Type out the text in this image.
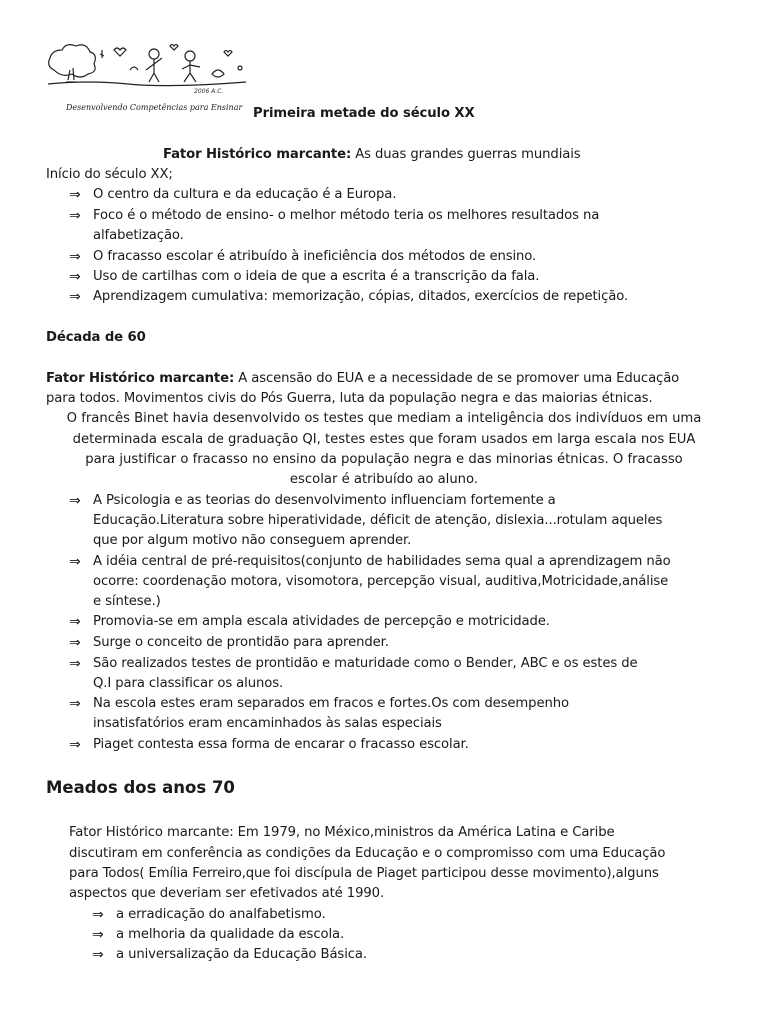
2006 A.C.
Desenvolvendo Competências para Ensinar Primeira metade do século XX
Fator Histórico marcante: As duas grandes guerras mundiais
Início do século XX;
⇒ O centro da cultura e da educação é a Europa.
⇒ Foco é o método de ensino- o melhor método teria os melhores resultados na
alfabetização.
⇒ O fracasso escolar é atribuído à ineficiência dos métodos de ensino.
⇒ Uso de cartilhas com o ideia de que a escrita é a transcrição da fala.
⇒ Aprendizagem cumulativa: memorização, cópias, ditados, exercícios de repetição.
Década de 60
Fator Histórico marcante: A ascensão do EUA e a necessidade de se promover uma Educação
para todos. Movimentos civis do Pós Guerra, luta da população negra e das maiorias étnicas.
O francês Binet havia desenvolvido os testes que mediam a inteligência dos indivíduos em uma
determinada escala de graduação QI, testes estes que foram usados em larga escala nos EUA
para justificar o fracasso no ensino da população negra e das minorias étnicas. O fracasso
escolar é atribuído ao aluno.
⇒ A Psicologia e as teorias do desenvolvimento influenciam fortemente a
Educação.Literatura sobre hiperatividade, déficit de atenção, dislexia...rotulam aqueles
que por algum motivo não conseguem aprender.
⇒ A idéia central de pré-requisitos(conjunto de habilidades sema qual a aprendizagem não
ocorre: coordenação motora, visomotora, percepção visual, auditiva,Motricidade,análise
e síntese.)
⇒ Promovia-se em ampla escala atividades de percepção e motricidade.
⇒ Surge o conceito de prontidão para aprender.
⇒ São realizados testes de prontidão e maturidade como o Bender, ABC e os estes de
Q.I para classificar os alunos.
⇒ Na escola estes eram separados em fracos e fortes.Os com desempenho
insatisfatórios eram encaminhados às salas especiais
⇒ Piaget contesta essa forma de encarar o fracasso escolar.
Meados dos anos 70
Fator Histórico marcante: Em 1979, no México,ministros da América Latina e Caribe
discutiram em conferência as condições da Educação e o compromisso com uma Educação
para Todos( Emília Ferreiro,que foi discípula de Piaget participou desse movimento),alguns
aspectos que deveriam ser efetivados até 1990.
⇒ a erradicação do analfabetismo.
⇒ a melhoria da qualidade da escola.
⇒ a universalização da Educação Básica.
